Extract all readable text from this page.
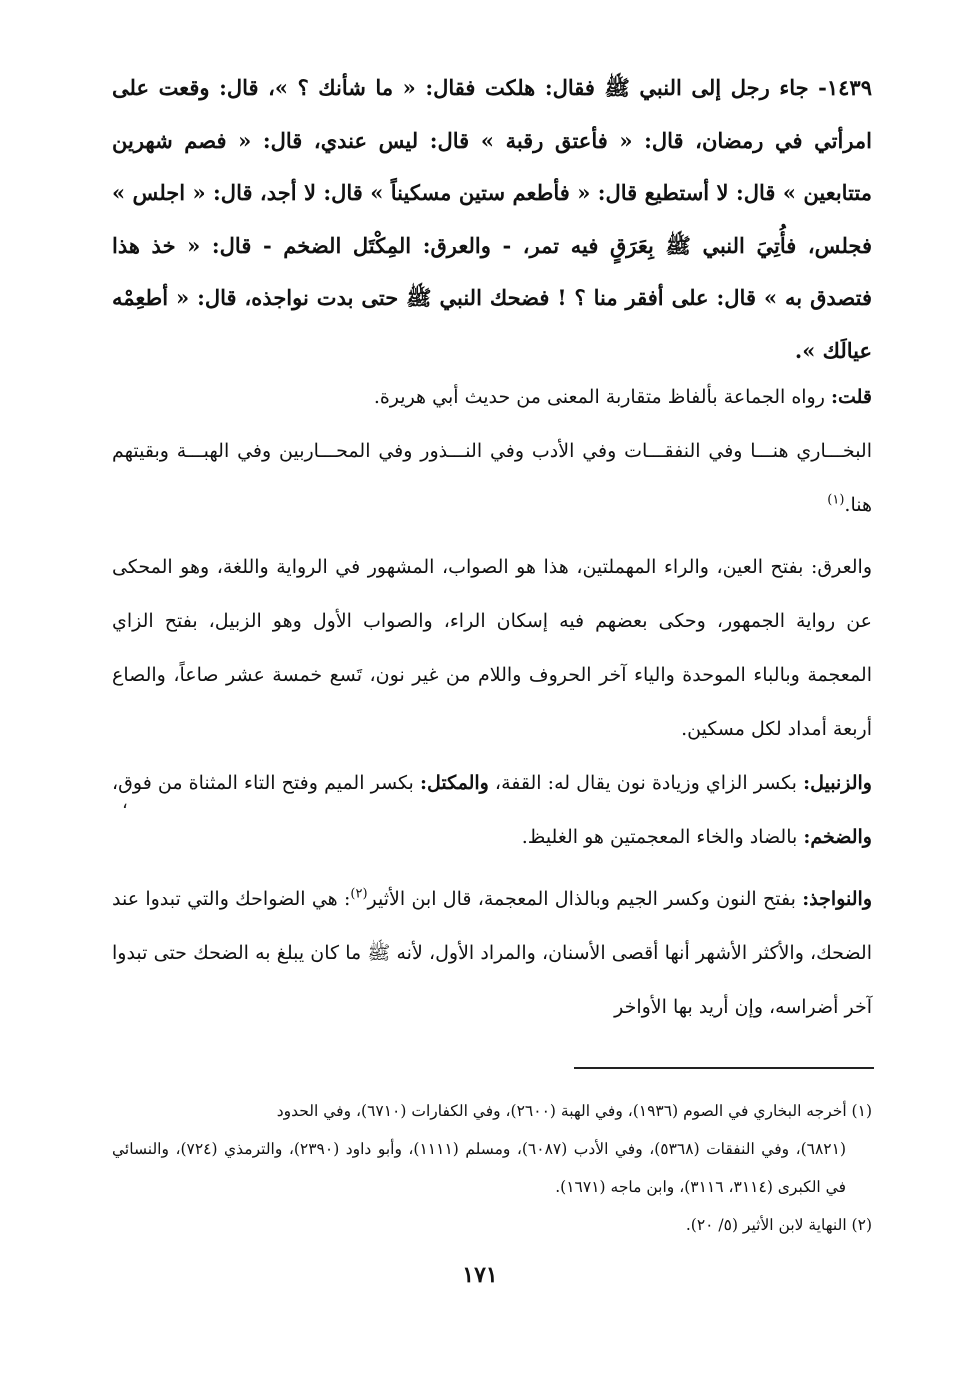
١٤٣٩- جاء رجل إلى النبي ﷺ فقال: هلكت فقال: « ما شأنك ؟ »، قال: وقعت على امرأتي في رمضان، قال: « فأعتق رقبة » قال: ليس عندي، قال: « فصم شهرين متتابعين » قال: لا أستطيع قال: « فأطعم ستين مسكيناً » قال: لا أجد، قال: « اجلس » فجلس، فأُتِيَ النبي ﷺ بِعَرَقٍ فيه تمر، - والعرق: المِكْتَل الضخم - قال: « خذ هذا فتصدق به » قال: على أفقر منا ؟ ! فضحك النبي ﷺ حتى بدت نواجذه، قال: « أطعِمْه عيالَك ».

قلت: رواه الجماعة بألفاظ متقاربة المعنى من حديث أبي هريرة.

البخـــاري هنـــا وفي النفقـــات وفي الأدب وفي النـــذور وفي المحـــاربين وفي الهبـــة وبقيتهم هنا.$^{(١)}$

والعرق: بفتح العين، والراء المهملتين، هذا هو الصواب، المشهور في الرواية واللغة، وهو المحكى عن رواية الجمهور، وحكى بعضهم فيه إسكان الراء، والصواب الأول وهو الزبيل، بفتح الزاي المعجمة وبالباء الموحدة والياء آخر الحروف واللام من غير نون، تَسع خمسة عشر صاعاً، والصاع أربعة أمداد لكل مسكين.

والزنبيل: بكسر الزاي وزيادة نون يقال له: القفة، والمكتل: بكسر الميم وفتح التاء المثناة من فوق، والضخم: بالضاد والخاء المعجمتين هو الغليظ.

والنواجذ: بفتح النون وكسر الجيم وبالذال المعجمة، قال ابن الأثير$^{(٢)}$: هي الضواحك والتي تبدوا عند الضحك، والأكثر الأشهر أنها أقصى الأسنان، والمراد الأول، لأنه ﷺ ما كان يبلغ به الضحك حتى تبدوا آخر أضراسه، وإن أريد بها الأواخر

،

(١) أخرجه البخاري في الصوم (١٩٣٦)، وفي الهبة (٢٦٠٠)، وفي الكفارات (٦٧١٠)، وفي الحدود

(٦٨٢١)، وفي النفقات (٥٣٦٨)، وفي الأدب (٦٠٨٧)، ومسلم (١١١١)، وأبو داود (٢٣٩٠)، والترمذي (٧٢٤)، والنسائي في الكبرى (٣١١٤، ٣١١٦)، وابن ماجه (١٦٧١).

(٢) النهاية لابن الأثير (٥/ ٢٠).

١٧١
